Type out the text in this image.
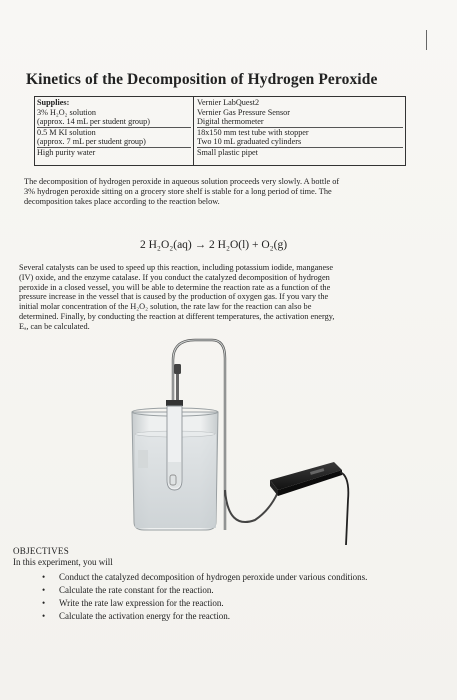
Kinetics of the Decomposition of Hydrogen Peroxide
Supplies:
3% H₂O₂ solution
(approx. 14 mL per student group)
0.5 M KI solution
(approx. 7 mL per student group)
High purity water
Vernier LabQuest2
Vernier Gas Pressure Sensor
Digital thermometer
18x150 mm test tube with stopper
Two 10 mL graduated cylinders
Small plastic pipet
The decomposition of hydrogen peroxide in aqueous solution proceeds very slowly. A bottle of
3% hydrogen peroxide sitting on a grocery store shelf is stable for a long period of time. The
decomposition takes place according to the reaction below.
2 H₂O₂(aq) → 2 H₂O(l) + O₂(g)
Several catalysts can be used to speed up this reaction, including potassium iodide, manganese
(IV) oxide, and the enzyme catalase. If you conduct the catalyzed decomposition of hydrogen
peroxide in a closed vessel, you will be able to determine the reaction rate as a function of the
pressure increase in the vessel that is caused by the production of oxygen gas. If you vary the
initial molar concentration of the H₂O₂ solution, the rate law for the reaction can also be
determined. Finally, by conducting the reaction at different temperatures, the activation energy,
Eₐ, can be calculated.
OBJECTIVES
In this experiment, you will
• Conduct the catalyzed decomposition of hydrogen peroxide under various conditions.
• Calculate the rate constant for the reaction.
• Write the rate law expression for the reaction.
• Calculate the activation energy for the reaction.
